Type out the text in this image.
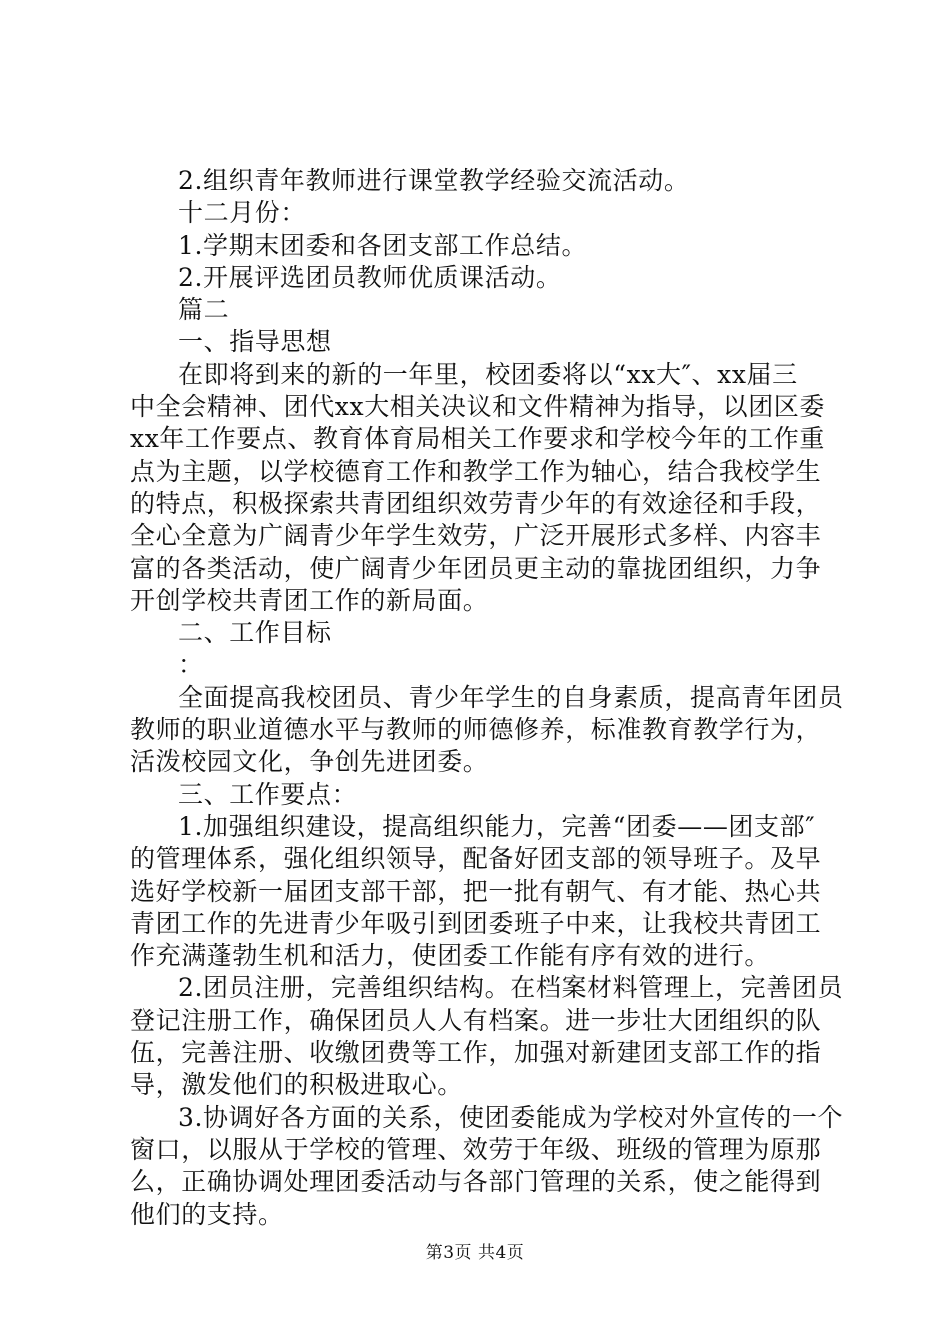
2.组织青年教师进行课堂教学经验交流活动。
十二月份：
1.学期末团委和各团支部工作总结。
2.开展评选团员教师优质课活动。
篇二
一、指导思想
在即将到来的新的一年里，校团委将以“xx大″、xx届三
中全会精神、团代xx大相关决议和文件精神为指导，以团区委
xx年工作要点、教育体育局相关工作要求和学校今年的工作重
点为主题，以学校德育工作和教学工作为轴心，结合我校学生
的特点，积极探索共青团组织效劳青少年的有效途径和手段，
全心全意为广阔青少年学生效劳，广泛开展形式多样、内容丰
富的各类活动，使广阔青少年团员更主动的靠拢团组织，力争
开创学校共青团工作的新局面。
二、工作目标
：
全面提高我校团员、青少年学生的自身素质，提高青年团员
教师的职业道德水平与教师的师德修养，标准教育教学行为，
活泼校园文化，争创先进团委。
三、工作要点：
1.加强组织建设，提高组织能力，完善“团委——团支部″
的管理体系，强化组织领导，配备好团支部的领导班子。及早
选好学校新一届团支部干部，把一批有朝气、有才能、热心共
青团工作的先进青少年吸引到团委班子中来，让我校共青团工
作充满蓬勃生机和活力，使团委工作能有序有效的进行。
2.团员注册，完善组织结构。在档案材料管理上，完善团员
登记注册工作，确保团员人人有档案。进一步壮大团组织的队
伍，完善注册、收缴团费等工作，加强对新建团支部工作的指
导，激发他们的积极进取心。
3.协调好各方面的关系，使团委能成为学校对外宣传的一个
窗口，以服从于学校的管理、效劳于年级、班级的管理为原那
么，正确协调处理团委活动与各部门管理的关系，使之能得到
他们的支持。
第3页 共4页
